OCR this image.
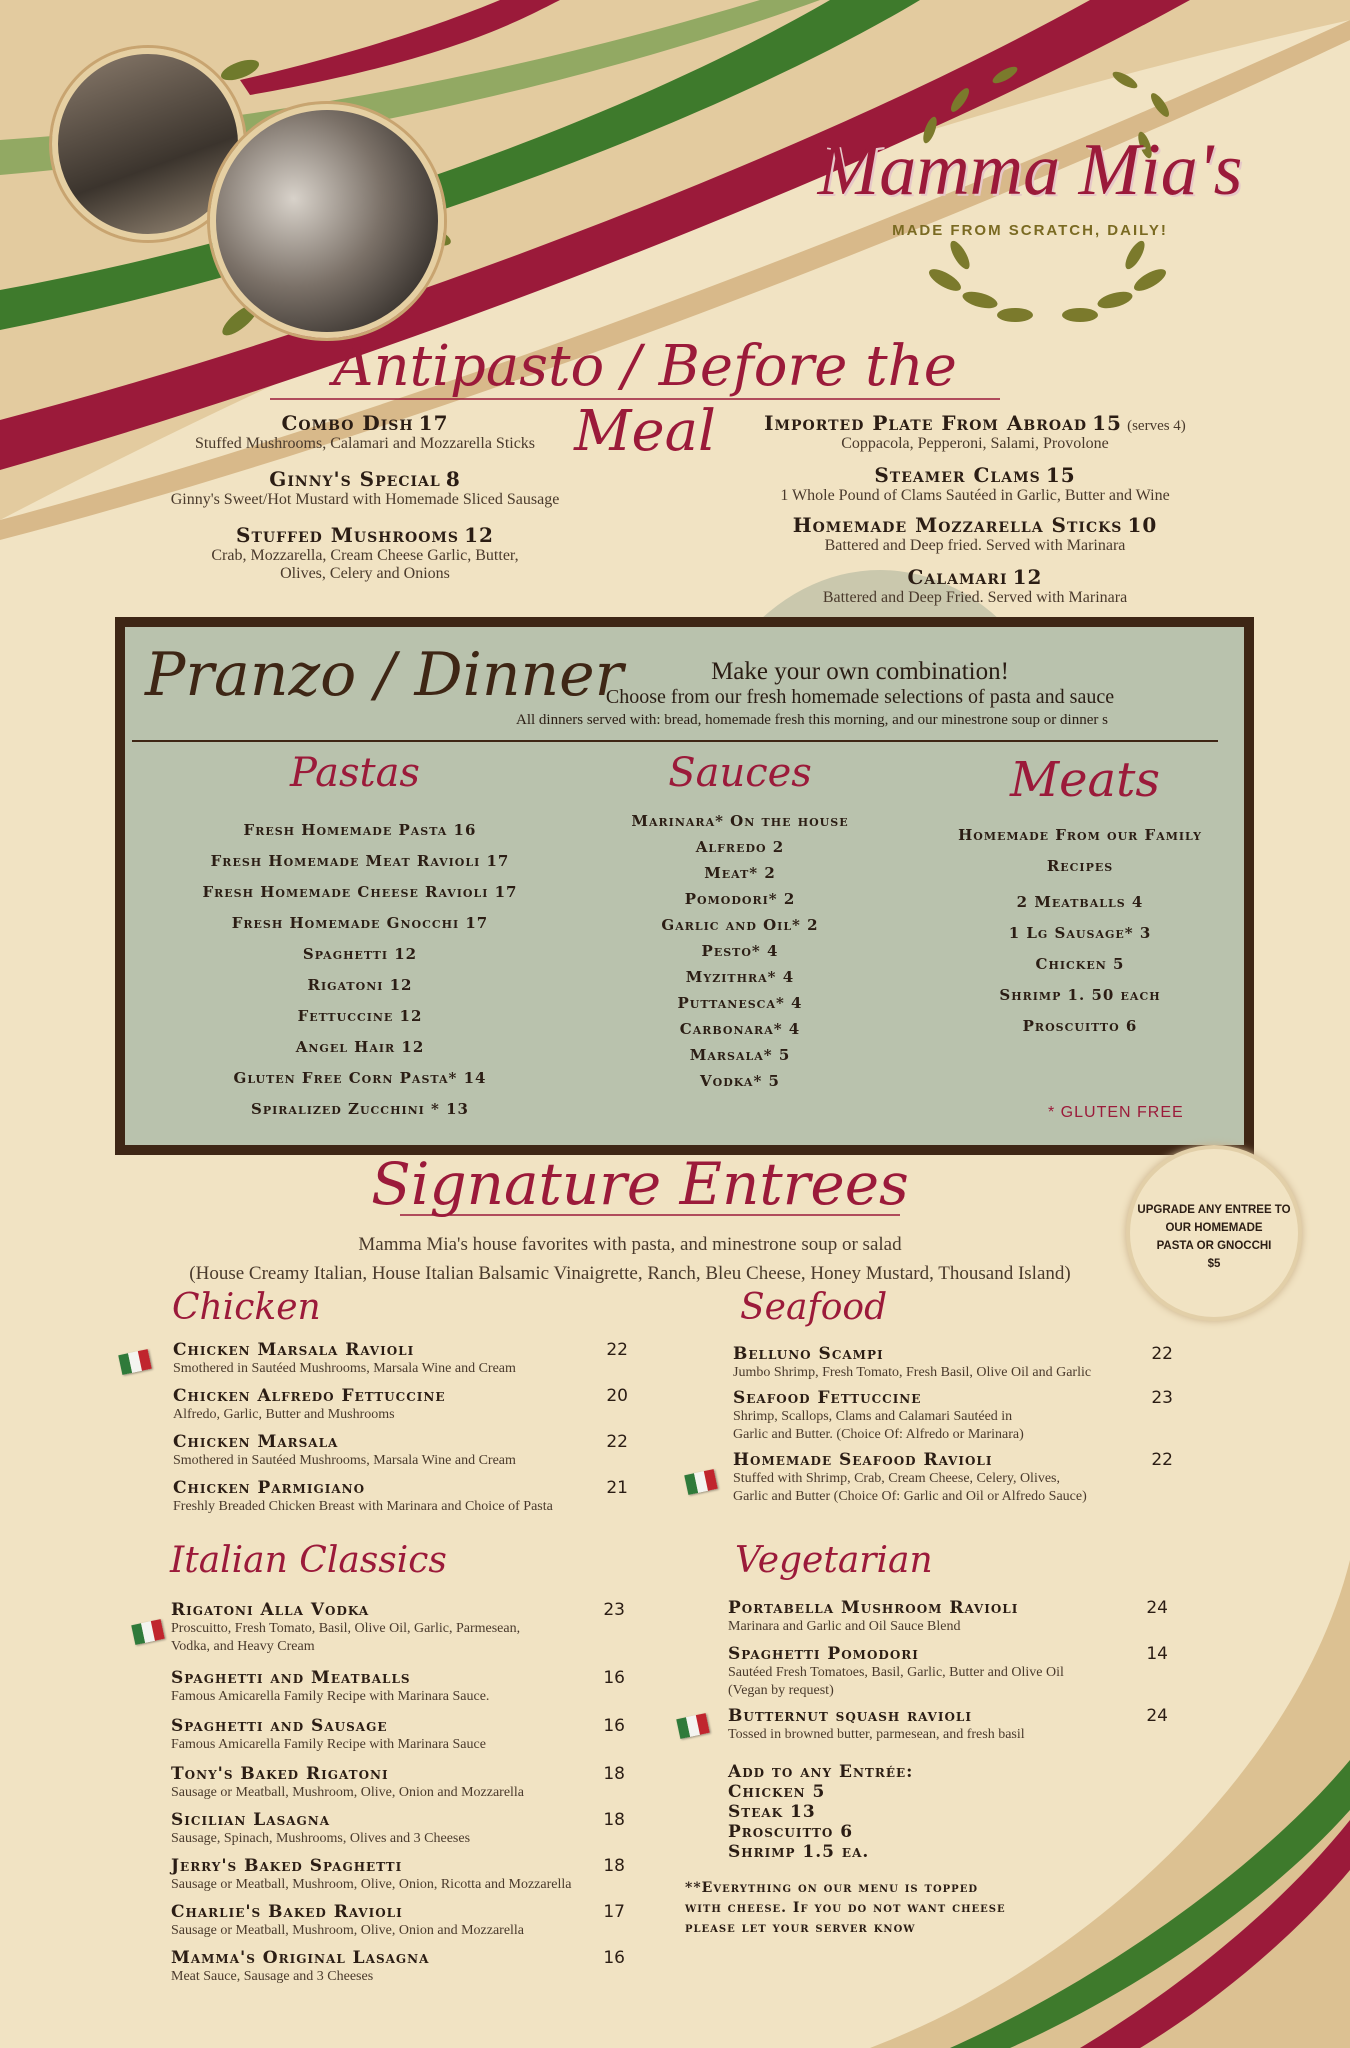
Mamma Mia's
MADE FROM SCRATCH, DAILY!
Antipasto / Before the Meal
Combo Dish 17
Stuffed Mushrooms, Calamari and Mozzarella Sticks
Ginny's Special 8
Ginny's Sweet/Hot Mustard with Homemade Sliced Sausage
Stuffed Mushrooms 12
Crab, Mozzarella, Cream Cheese Garlic, Butter,
Olives, Celery and Onions
Imported Plate From Abroad 15 (serves 4)
Coppacola, Pepperoni, Salami, Provolone
Steamer Clams 15
1 Whole Pound of Clams Sautéed in Garlic, Butter and Wine
Homemade Mozzarella Sticks 10
Battered and Deep fried. Served with Marinara
Calamari 12
Battered and Deep Fried. Served with Marinara
Pranzo / Dinner	Make your own combination!
Choose from our fresh homemade selections of pasta and sauce
All dinners served with: bread, homemade fresh this morning, and our minestrone soup or dinner s
Pastas
Fresh Homemade Pasta 16
Fresh Homemade Meat Ravioli 17
Fresh Homemade Cheese Ravioli 17
Fresh Homemade Gnocchi 17
Spaghetti 12
Rigatoni 12
Fettuccine 12
Angel Hair 12
Gluten Free Corn Pasta* 14
Spiralized Zucchini * 13
Sauces
Marinara* On the house
Alfredo 2
Meat* 2
Pomodori* 2
Garlic and Oil* 2
Pesto* 4
Myzithra* 4
Puttanesca* 4
Carbonara* 4
Marsala* 5
Vodka* 5
Meats
Homemade From our Family
Recipes
2 Meatballs 4
1 Lg Sausage* 3
Chicken 5
Shrimp 1. 50 each
Proscuitto 6
* GLUTEN FREE
Signature Entrees
Mamma Mia's house favorites with pasta, and minestrone soup or salad
(House Creamy Italian, House Italian Balsamic Vinaigrette, Ranch, Bleu Cheese, Honey Mustard, Thousand Island)
UPGRADE ANY ENTREE TO
OUR HOMEMADE
PASTA OR GNOCCHI
$5
Chicken
Chicken Marsala Ravioli	22
Smothered in Sautéed Mushrooms, Marsala Wine and Cream
Chicken Alfredo Fettuccine	20
Alfredo, Garlic, Butter and Mushrooms
Chicken Marsala	22
Smothered in Sautéed Mushrooms, Marsala Wine and Cream
Chicken Parmigiano	21
Freshly Breaded Chicken Breast with Marinara and Choice of Pasta
Seafood
Belluno Scampi	22
Jumbo Shrimp, Fresh Tomato, Fresh Basil, Olive Oil and Garlic
Seafood Fettuccine	23
Shrimp, Scallops, Clams and Calamari Sautéed in
Garlic and Butter. (Choice Of: Alfredo or Marinara)
Homemade Seafood Ravioli	22
Stuffed with Shrimp, Crab, Cream Cheese, Celery, Olives,
Garlic and Butter (Choice Of: Garlic and Oil or Alfredo Sauce)
Italian Classics
Rigatoni Alla Vodka	23
Proscuitto, Fresh Tomato, Basil, Olive Oil, Garlic, Parmesean,
Vodka, and Heavy Cream
Spaghetti and Meatballs	16
Famous Amicarella Family Recipe with Marinara Sauce.
Spaghetti and Sausage	16
Famous Amicarella Family Recipe with Marinara Sauce
Tony's Baked Rigatoni	18
Sausage or Meatball, Mushroom, Olive, Onion and Mozzarella
Sicilian Lasagna	18
Sausage, Spinach, Mushrooms, Olives and 3 Cheeses
Jerry's Baked Spaghetti	18
Sausage or Meatball, Mushroom, Olive, Onion, Ricotta and Mozzarella
Charlie's Baked Ravioli	17
Sausage or Meatball, Mushroom, Olive, Onion and Mozzarella
Mamma's Original Lasagna	16
Meat Sauce, Sausage and 3 Cheeses
Vegetarian
Portabella Mushroom Ravioli	24
Marinara and Garlic and Oil Sauce Blend
Spaghetti Pomodori	14
Sautéed Fresh Tomatoes, Basil, Garlic, Butter and Olive Oil
(Vegan by request)
Butternut squash ravioli	24
Tossed in browned butter, parmesean, and fresh basil
Add to any Entrée:
Chicken 5
Steak 13
Proscuitto 6
Shrimp 1.5 ea.
**Everything on our menu is topped
with cheese. If you do not want cheese
please let your server know
